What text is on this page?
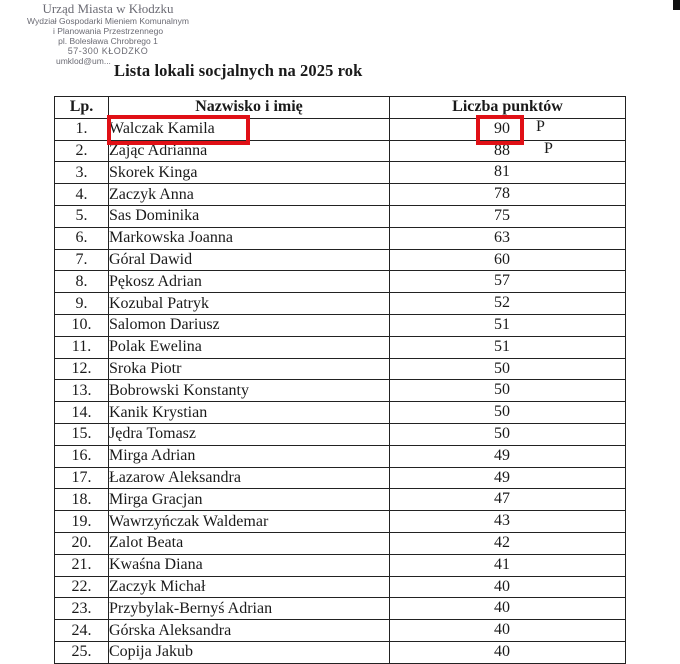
Urząd Miasta w Kłodzku
Wydział Gospodarki Mieniem Komunalnym
i Planowania Przestrzennego
pl. Bolesława Chrobrego 1
57-300 KŁODZKO
umklod@um... Lista lokali socjalnych na 2025 rok
Lp.	Nazwisko i imię	Liczba punktów
1.	Walczak Kamila	90 P

2.	Zając Adrianna	88 P

3.	Skorek Kinga	81

4.	Zaczyk Anna	78

5.	Sas Dominika	75

6.	Markowska Joanna	63

7.	Góral Dawid	60

8.	Pękosz Adrian	57

9.	Kozubal Patryk	52

10.	Salomon Dariusz	51

11.	Polak Ewelina	51

12.	Sroka Piotr	50

13.	Bobrowski Konstanty	50

14.	Kanik Krystian	50

15.	Jędra Tomasz	50

16.	Mirga Adrian	49

17.	Łazarow Aleksandra	49

18.	Mirga Gracjan	47

19.	Wawrzyńczak Waldemar	43

20.	Zalot Beata	42

21.	Kwaśna Diana	41

22.	Zaczyk Michał	40

23.	Przybylak-Bernyś Adrian	40

24.	Górska Aleksandra	40

25.	Copija Jakub	40
